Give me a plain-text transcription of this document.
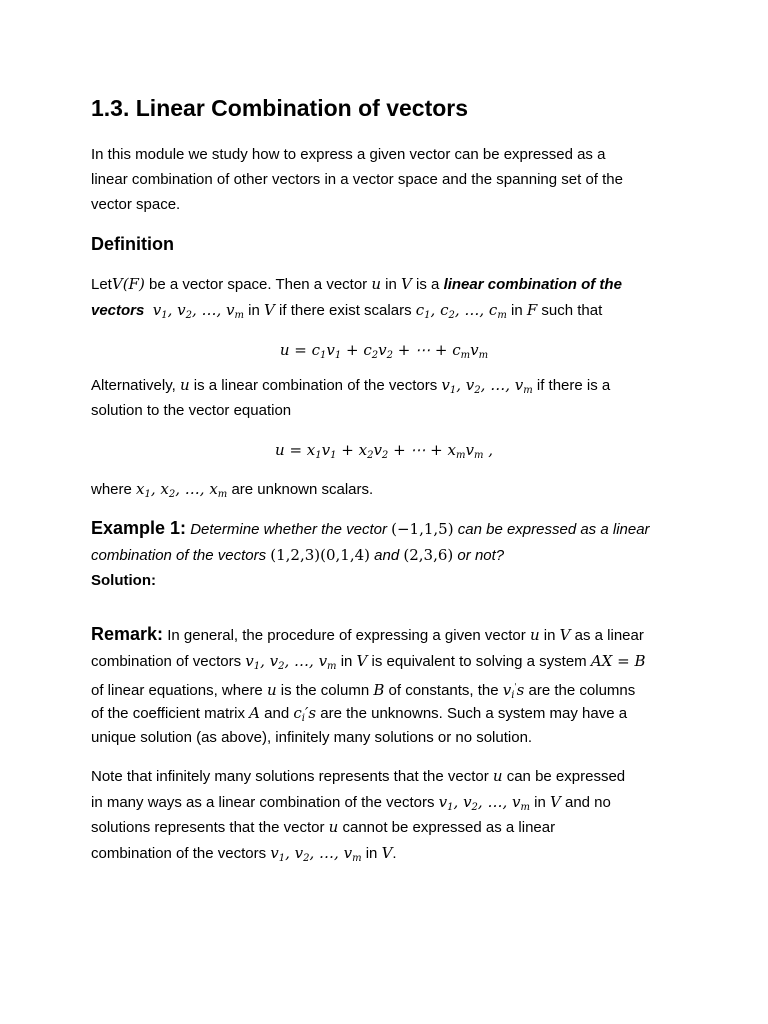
1.3. Linear Combination of vectors
In this module we study how to express a given vector can be expressed as a
linear combination of other vectors in a vector space and the spanning set of the
vector space.
Definition
LetV(F) be a vector space. Then a vector u in V is a linear combination of the
vectors $v_1$, $v_2$, …, $v_m$ in V if there exist scalars $c_1$, $c_2$, …, $c_m$ in F such that
$u = c_1v_1 + c_2v_2$ + ⋯ + $c_mv_m$
Alternatively, u is a linear combination of the vectors $v_1$, $v_2$, …, $v_m$ if there is a
solution to the vector equation
$u = x_1v_1 + x_2v_2$ + ⋯ + $x_mv_m$ ,
where $x_1$, $x_2$, …, $x_m$ are unknown scalars.
Example 1: Determine whether the vector (−1,1,5) can be expressed as a linear
combination of the vectors (1,2,3)(0,1,4) and (2,3,6) or not?
Solution:
Remark: In general, the procedure of expressing a given vector u in V as a linear
combination of vectors $v_1$, $v_2$, …, $v_m$ in V is equivalent to solving a system AX = B
of linear equations, where u is the column B of constants, the $v_i's$ are the columns
of the coefficient matrix A and $c_i's$ are the unknowns. Such a system may have a
unique solution (as above), infinitely many solutions or no solution.
Note that infinitely many solutions represents that the vector u can be expressed
in many ways as a linear combination of the vectors $v_1$, $v_2$, …, $v_m$ in V and no
solutions represents that the vector u cannot be expressed as a linear
combination of the vectors $v_1$, $v_2$, …, $v_m$ in V.
